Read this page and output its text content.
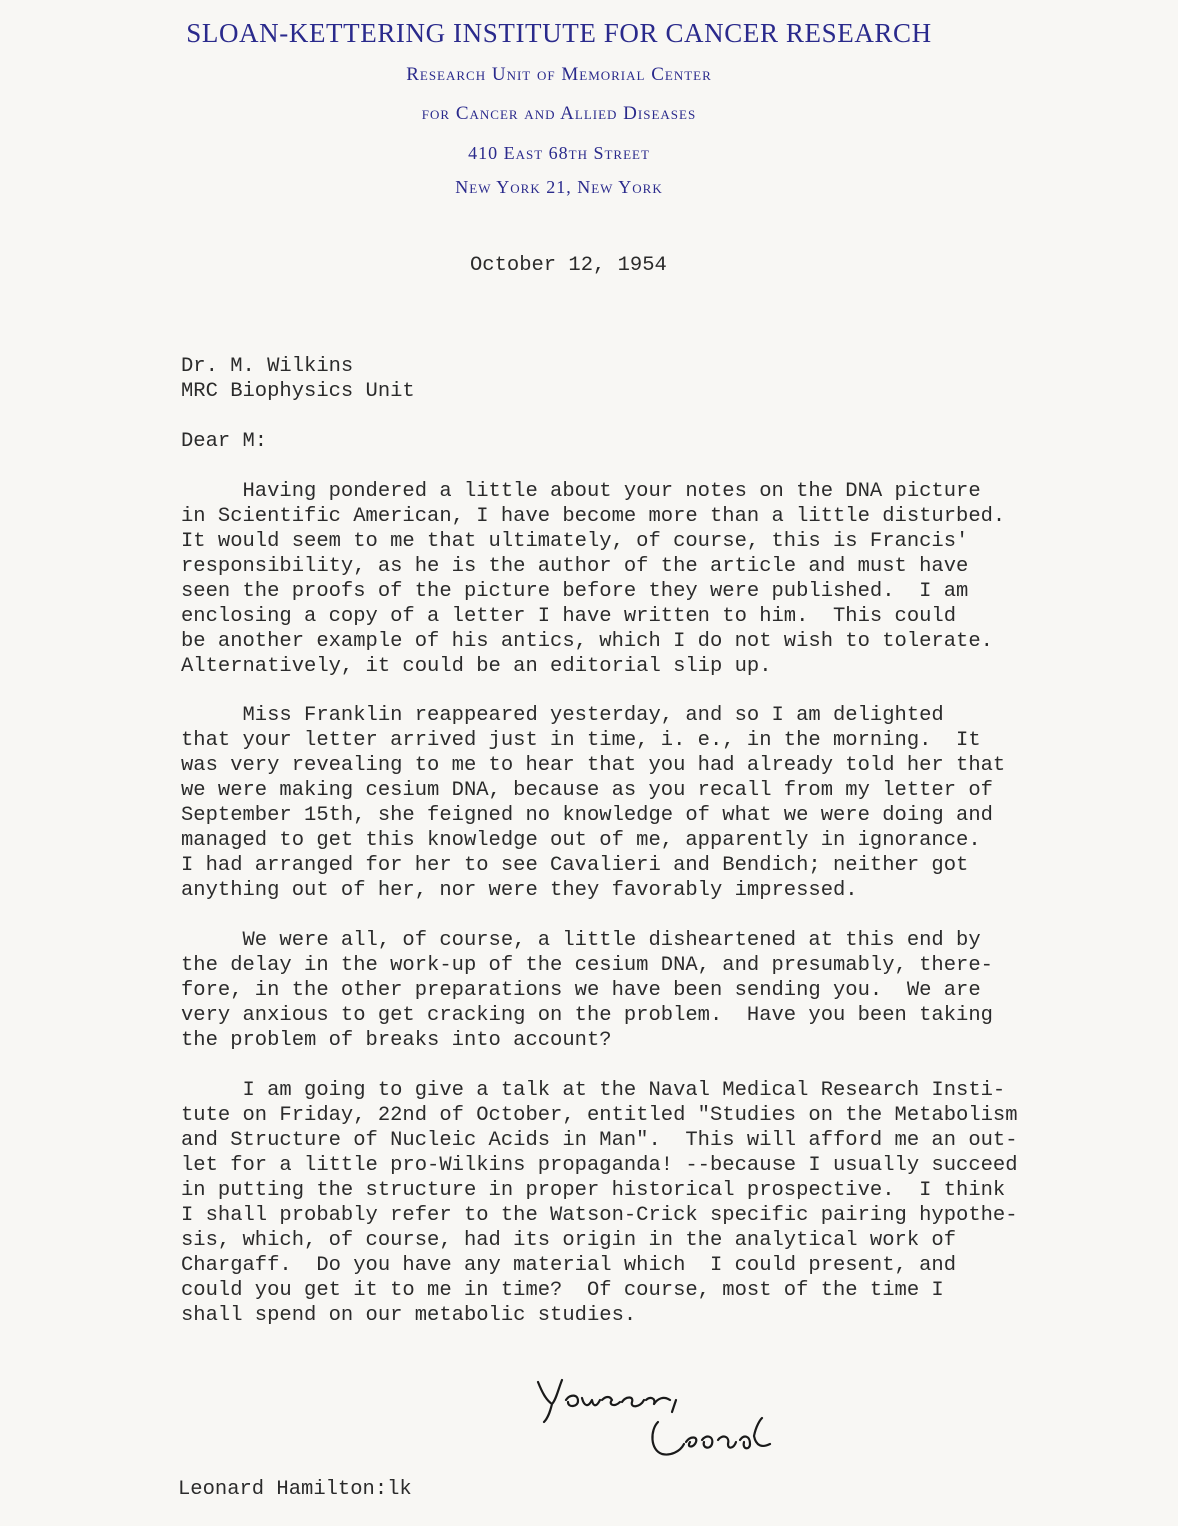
SLOAN-KETTERING INSTITUTE FOR CANCER RESEARCH
Research Unit of Memorial Center
for Cancer and Allied Diseases
410 East 68th Street
New York 21, New York
October 12, 1954
Dr. M. Wilkins
MRC Biophysics Unit
Dear M:
Having pondered a little about your notes on the DNA picture
in Scientific American, I have become more than a little disturbed.
It would seem to me that ultimately, of course, this is Francis'
responsibility, as he is the author of the article and must have
seen the proofs of the picture before they were published.  I am
enclosing a copy of a letter I have written to him.  This could
be another example of his antics, which I do not wish to tolerate.
Alternatively, it could be an editorial slip up.
Miss Franklin reappeared yesterday, and so I am delighted
that your letter arrived just in time, i. e., in the morning.  It
was very revealing to me to hear that you had already told her that
we were making cesium DNA, because as you recall from my letter of
September 15th, she feigned no knowledge of what we were doing and
managed to get this knowledge out of me, apparently in ignorance.
I had arranged for her to see Cavalieri and Bendich; neither got
anything out of her, nor were they favorably impressed.
We were all, of course, a little disheartened at this end by
the delay in the work-up of the cesium DNA, and presumably, there-
fore, in the other preparations we have been sending you.  We are
very anxious to get cracking on the problem.  Have you been taking
the problem of breaks into account?
I am going to give a talk at the Naval Medical Research Insti-
tute on Friday, 22nd of October, entitled "Studies on the Metabolism
and Structure of Nucleic Acids in Man".  This will afford me an out-
let for a little pro-Wilkins propaganda! --because I usually succeed
in putting the structure in proper historical prospective.  I think
I shall probably refer to the Watson-Crick specific pairing hypothe-
sis, which, of course, had its origin in the analytical work of
Chargaff.  Do you have any material which  I could present, and
could you get it to me in time?  Of course, most of the time I
shall spend on our metabolic studies.
Leonard Hamilton:lk
